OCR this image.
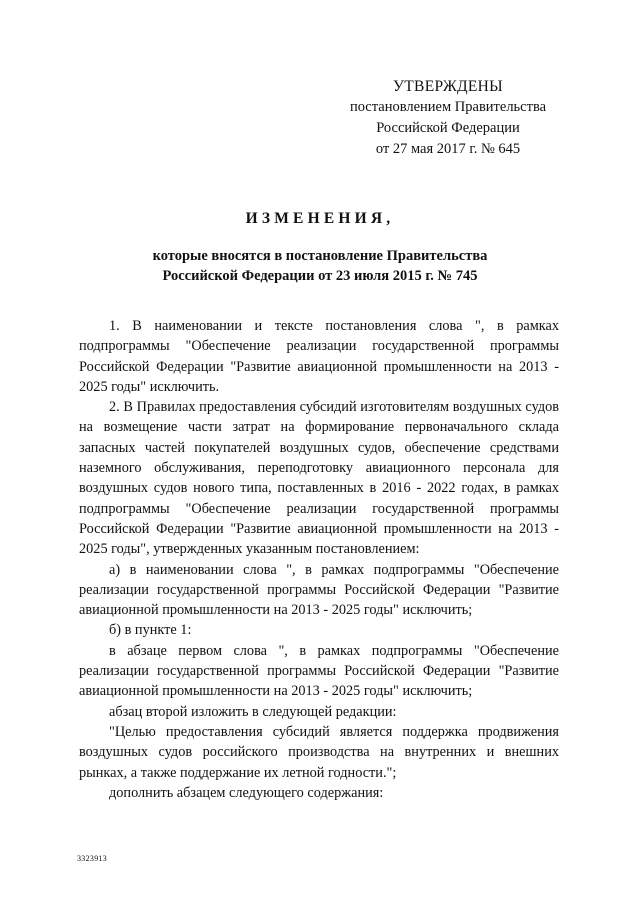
УТВЕРЖДЕНЫ
постановлением Правительства
Российской Федерации
от 27 мая 2017 г. № 645
ИЗМЕНЕНИЯ,
которые вносятся в постановление Правительства
Российской Федерации от 23 июля 2015 г. № 745

1. В наименовании и тексте постановления слова ", в рамках подпрограммы "Обеспечение реализации государственной программы Российской Федерации "Развитие авиационной промышленности на 2013 - 2025 годы" исключить.

2. В Правилах предоставления субсидий изготовителям воздушных судов на возмещение части затрат на формирование первоначального склада запасных частей покупателей воздушных судов, обеспечение средствами наземного обслуживания, переподготовку авиационного персонала для воздушных судов нового типа, поставленных в 2016 - 2022 годах, в рамках подпрограммы "Обеспечение реализации государственной программы Российской Федерации "Развитие авиационной промышленности на 2013 - 2025 годы", утвержденных указанным постановлением:

а) в наименовании слова ", в рамках подпрограммы "Обеспечение реализации государственной программы Российской Федерации "Развитие авиационной промышленности на 2013 - 2025 годы" исключить;

б) в пункте 1:

в абзаце первом слова ", в рамках подпрограммы "Обеспечение реализации государственной программы Российской Федерации "Развитие авиационной промышленности на 2013 - 2025 годы" исключить;

абзац второй изложить в следующей редакции:

"Целью предоставления субсидий является поддержка продвижения воздушных судов российского производства на внутренних и внешних рынках, а также поддержание их летной годности.";

дополнить абзацем следующего содержания:

3323913
